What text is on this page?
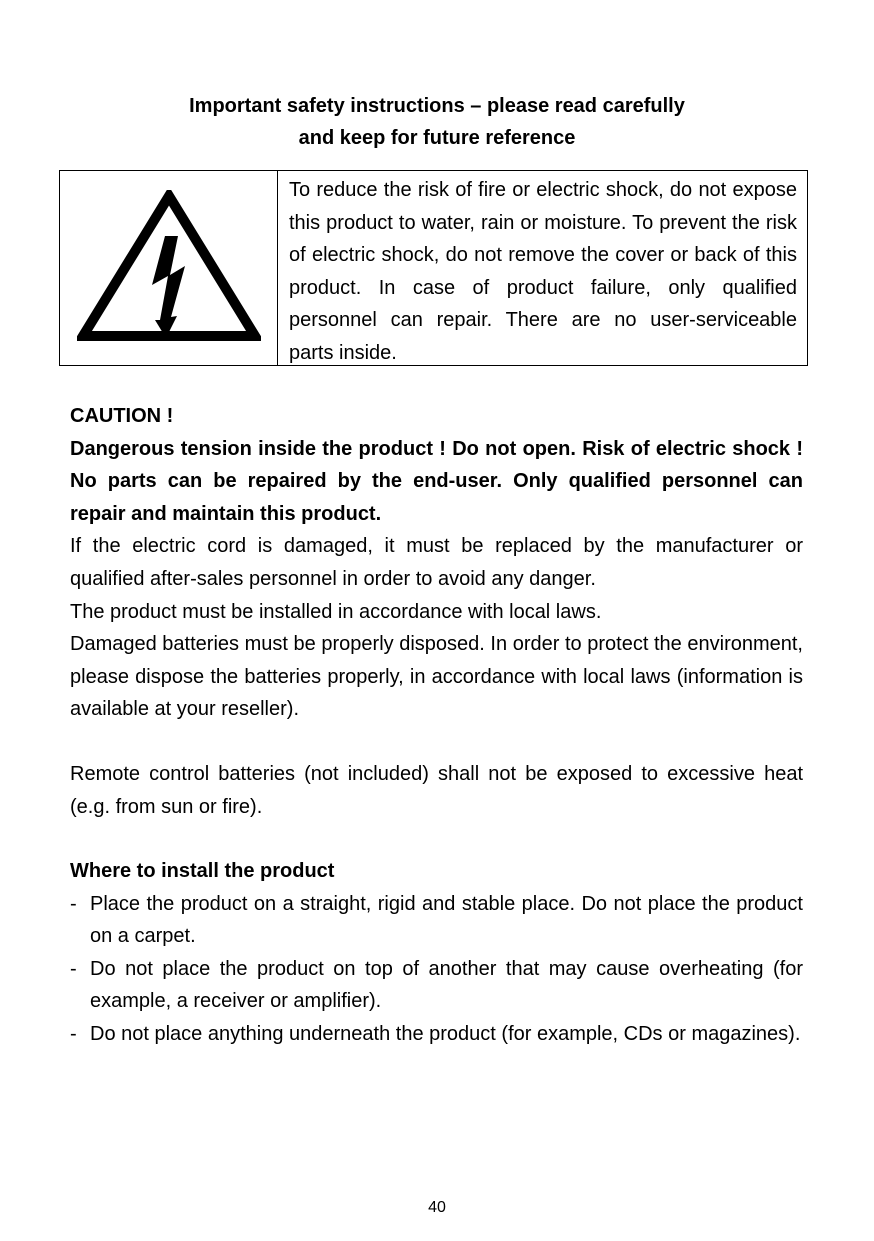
Important safety instructions – please read carefully
and keep for future reference
To reduce the risk of fire or electric shock, do not expose this product to water, rain or moisture. To prevent the risk of electric shock, do not remove the cover or back of this product. In case of product failure, only qualified personnel can repair. There are no user-serviceable parts inside.

CAUTION !

Dangerous tension inside the product ! Do not open. Risk of electric shock ! No parts can be repaired by the end-user. Only qualified personnel can repair and maintain this product.

If the electric cord is damaged, it must be replaced by the manufacturer or qualified after-sales personnel in order to avoid any danger.

The product must be installed in accordance with local laws.

Damaged batteries must be properly disposed. In order to protect the environment, please dispose the batteries properly, in accordance with local laws (information is available at your reseller).

Remote control batteries (not included) shall not be exposed to excessive heat (e.g. from sun or fire).

Where to install the product

- Place the product on a straight, rigid and stable place. Do not place the product on a carpet.
- Do not place the product on top of another that may cause overheating (for example, a receiver or amplifier).
- Do not place anything underneath the product (for example, CDs or magazines).
40
